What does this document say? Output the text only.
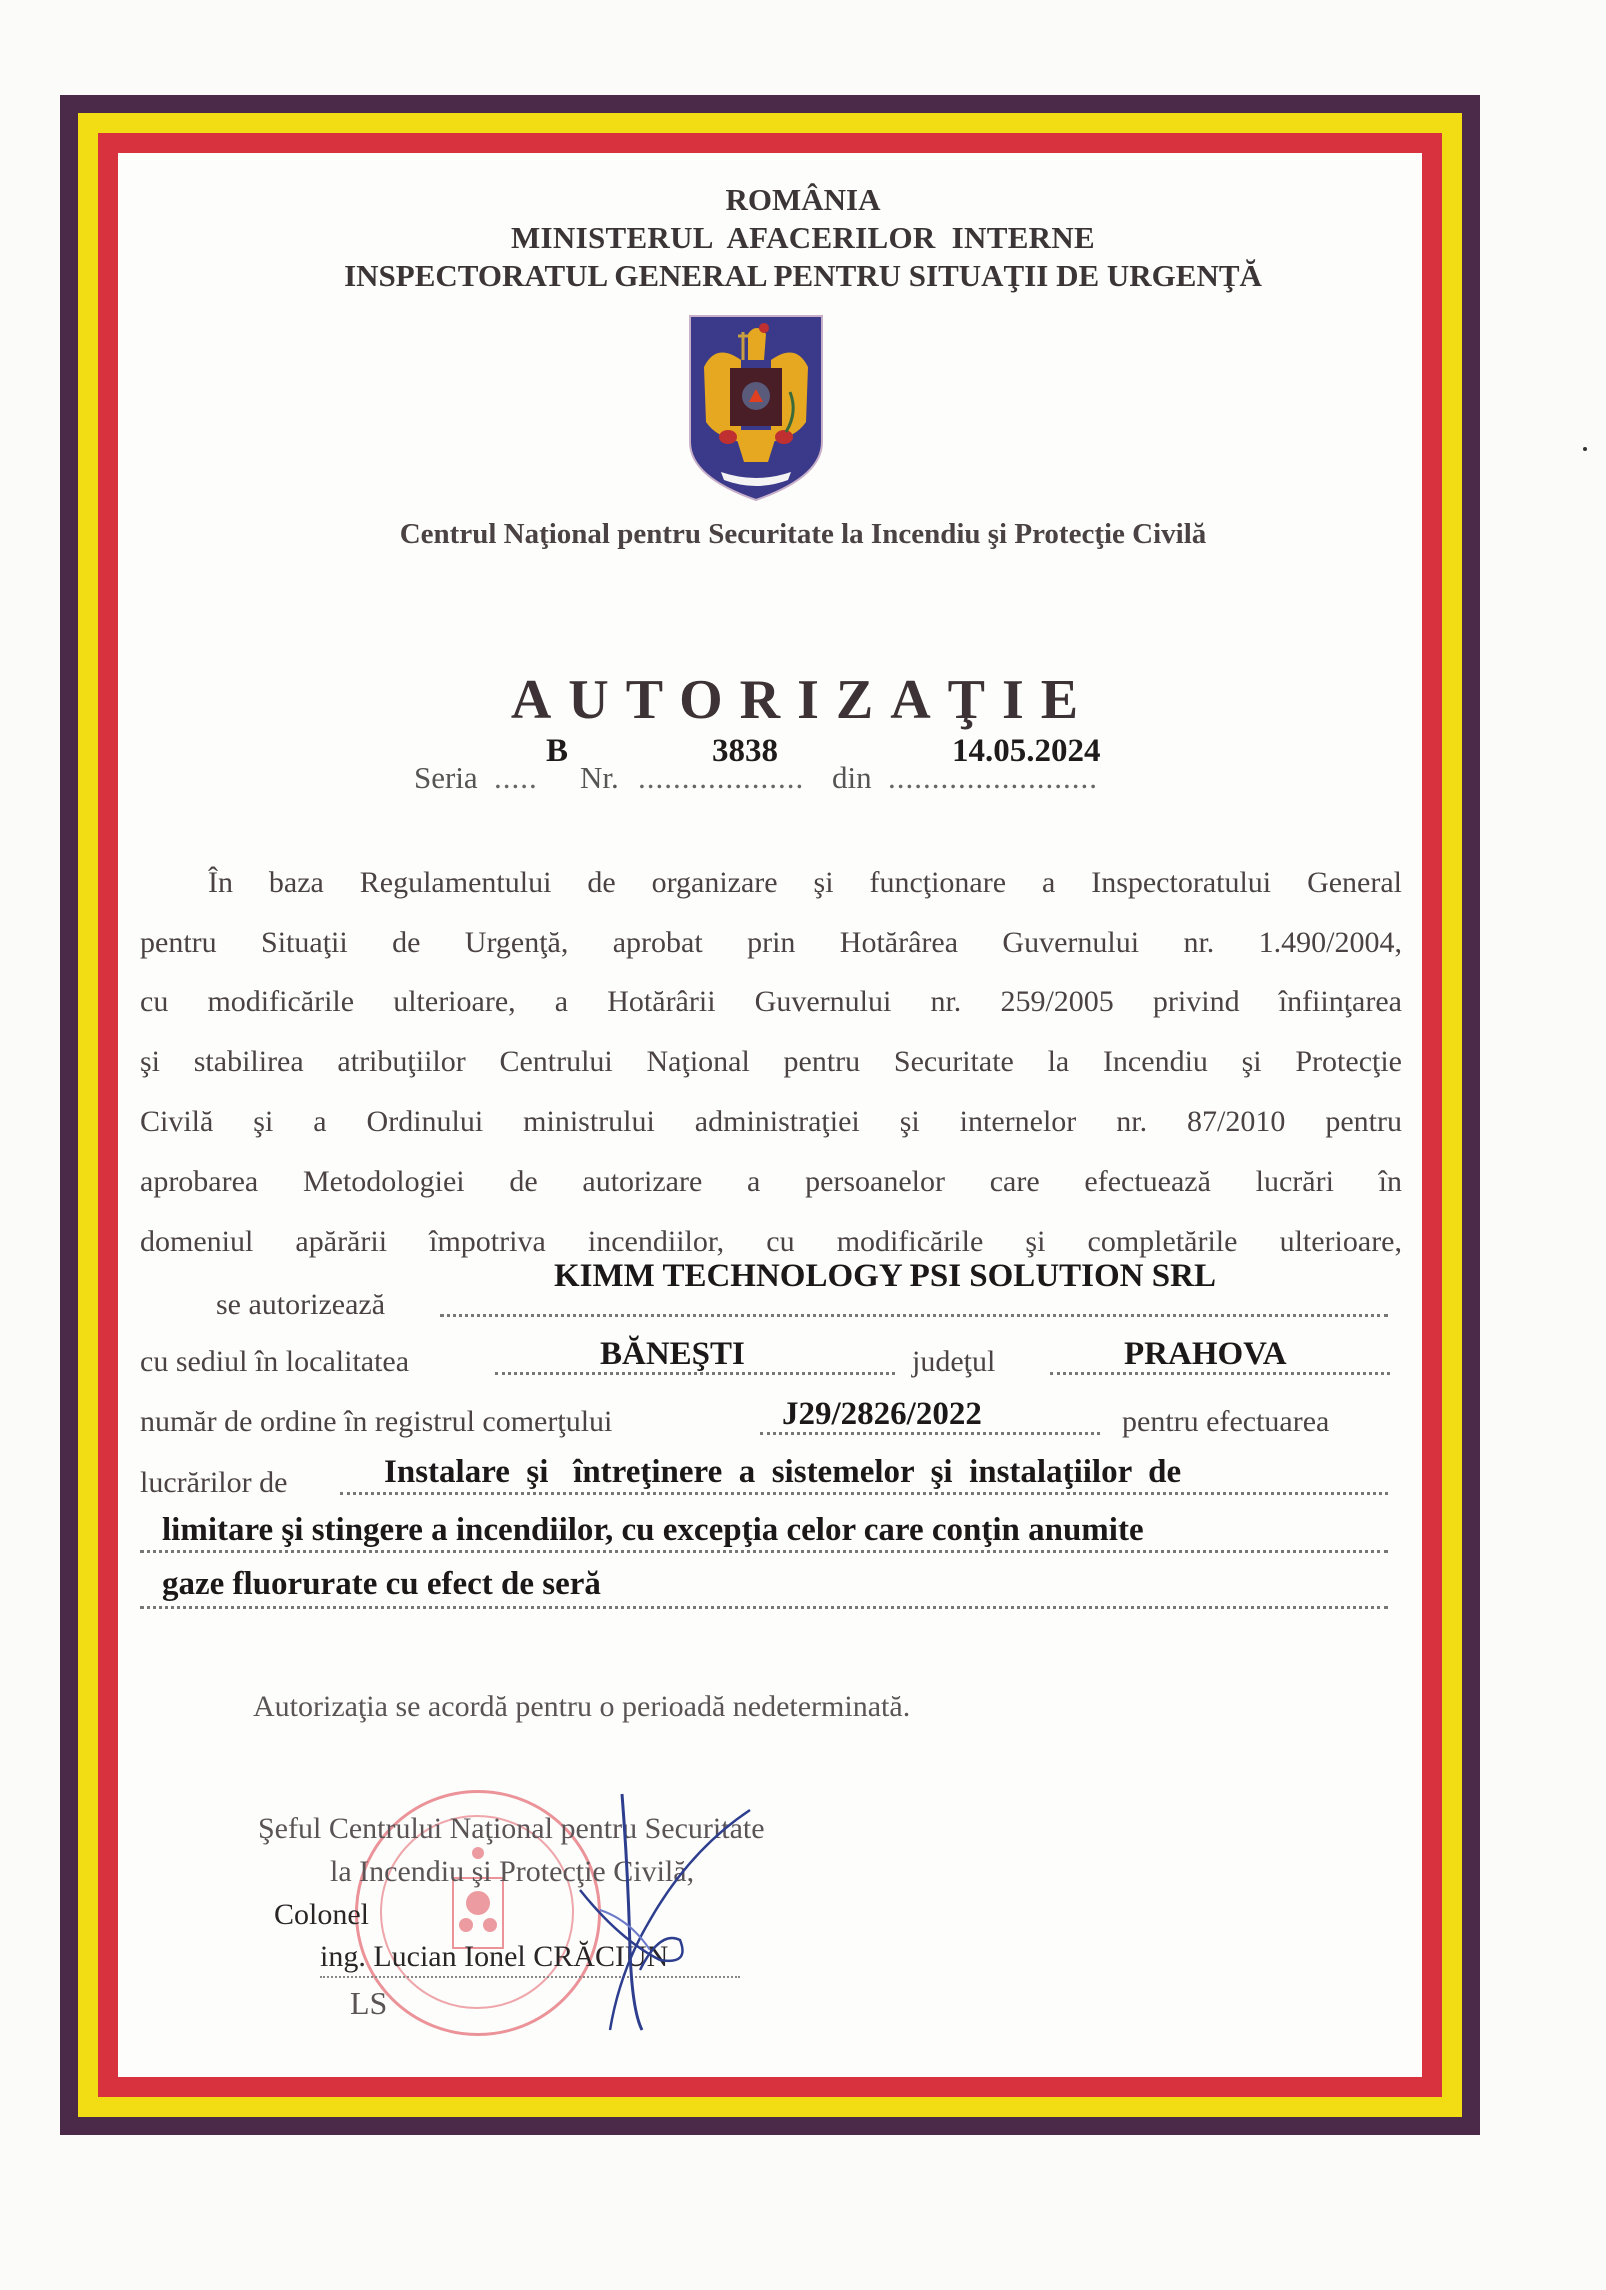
ROMÂNIA
MINISTERUL  AFACERILOR  INTERNE
INSPECTORATUL GENERAL PENTRU SITUAŢII DE URGENŢĂ
Centrul Naţional pentru Securitate la Incendiu şi Protecţie Civilă
AUTORIZAŢIE
Seria .....
B
Nr. ...................
3838
din ........................
14.05.2024
În baza Regulamentului de organizare şi funcţionare a Inspectoratului General
pentru Situaţii de Urgenţă, aprobat prin Hotărârea Guvernului nr. 1.490/2004,
cu modificările ulterioare, a Hotărârii Guvernului nr. 259/2005 privind înfiinţarea
şi stabilirea atribuţiilor Centrului Naţional pentru Securitate la Incendiu şi Protecţie
Civilă şi a Ordinului ministrului administraţiei şi internelor nr. 87/2010 pentru
aprobarea Metodologiei de autorizare a persoanelor care efectuează lucrări în
domeniul apărării împotriva incendiilor, cu modificările şi completările ulterioare,
se autorizează
KIMM TECHNOLOGY PSI SOLUTION SRL
cu sediul în localitatea	BĂNEŞTI	judeţul	PRAHOVA
număr de ordine în registrul comerţului	J29/2826/2022	pentru efectuarea
lucrărilor de	Instalare  şi   întreţinere  a  sistemelor  şi  instalaţiilor  de
limitare şi stingere a incendiilor, cu excepţia celor care conţin anumite
gaze fluorurate cu efect de seră
Autorizaţia se acordă pentru o perioadă nedeterminată.
Şeful Centrului Naţional pentru Securitate
la Incendiu şi Protecţie Civilă,
Colonel
ing. Lucian Ionel CRĂCIUN
LS
